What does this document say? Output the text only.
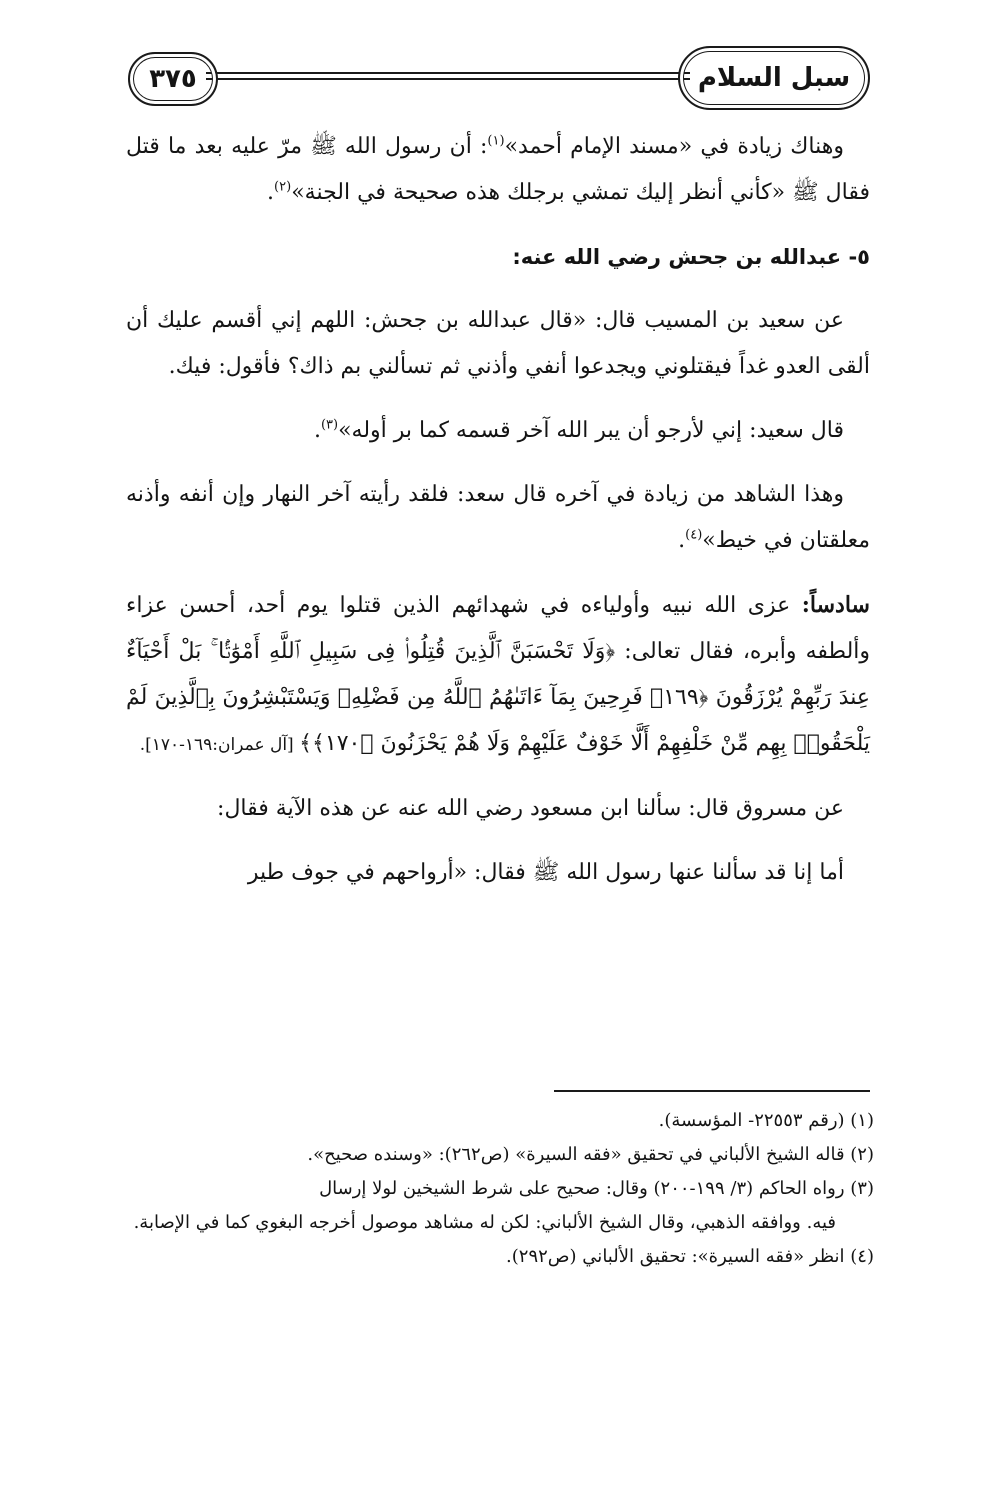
٣٧٥	سبل السلام

وهناك زيادة في «مسند الإمام أحمد»$^{(١)}$: أن رسول الله ﷺ مرّ عليه بعد ما قتل فقال ﷺ «كأني أنظر إليك تمشي برجلك هذه صحيحة في الجنة»$^{(٢)}$.

٥- عبدالله بن جحش رضي الله عنه:

عن سعيد بن المسيب قال: «قال عبدالله بن جحش: اللهم إني أقسم عليك أن ألقى العدو غداً فيقتلوني ويجدعوا أنفي وأذني ثم تسألني بم ذاك؟ فأقول: فيك.

قال سعيد: إني لأرجو أن يبر الله آخر قسمه كما بر أوله»$^{(٣)}$.

وهذا الشاهد من زيادة في آخره قال سعد: فلقد رأيته آخر النهار وإن أنفه وأذنه معلقتان في خيط»$^{(٤)}$.

سادساً: عزى الله نبيه وأولياءه في شهدائهم الذين قتلوا يوم أحد، أحسن عزاء وألطفه وأبره، فقال تعالى: ﴿وَلَا تَحْسَبَنَّ ٱلَّذِينَ قُتِلُوا۟ فِى سَبِيلِ ٱللَّهِ أَمْوَٰتًۢا ۚ بَلْ أَحْيَآءٌ عِندَ رَبِّهِمْ يُرْزَقُونَ ﴿١٦٩﴾ فَرِحِينَ بِمَآ ءَاتَىٰهُمُ ٱللَّهُ مِن فَضْلِهِۦ وَيَسْتَبْشِرُونَ بِٱلَّذِينَ لَمْ يَلْحَقُوا۟ بِهِم مِّنْ خَلْفِهِمْ أَلَّا خَوْفٌ عَلَيْهِمْ وَلَا هُمْ يَحْزَنُونَ ﴿١٧٠﴾﴾ [آل عمران:١٦٩-١٧٠].

عن مسروق قال: سألنا ابن مسعود رضي الله عنه عن هذه الآية فقال:

أما إنا قد سألنا عنها رسول الله ﷺ فقال: «أرواحهم في جوف طير

(١) (رقم ٢٢٥٥٣- المؤسسة).

(٢) قاله الشيخ الألباني في تحقيق «فقه السيرة» (ص٢٦٢): «وسنده صحيح».

(٣) رواه الحاكم (٣/ ١٩٩-٢٠٠) وقال: صحيح على شرط الشيخين لولا إرسال

فيه. ووافقه الذهبي، وقال الشيخ الألباني: لكن له مشاهد موصول أخرجه البغوي كما في الإصابة.

(٤) انظر «فقه السيرة»: تحقيق الألباني (ص٢٩٢).
